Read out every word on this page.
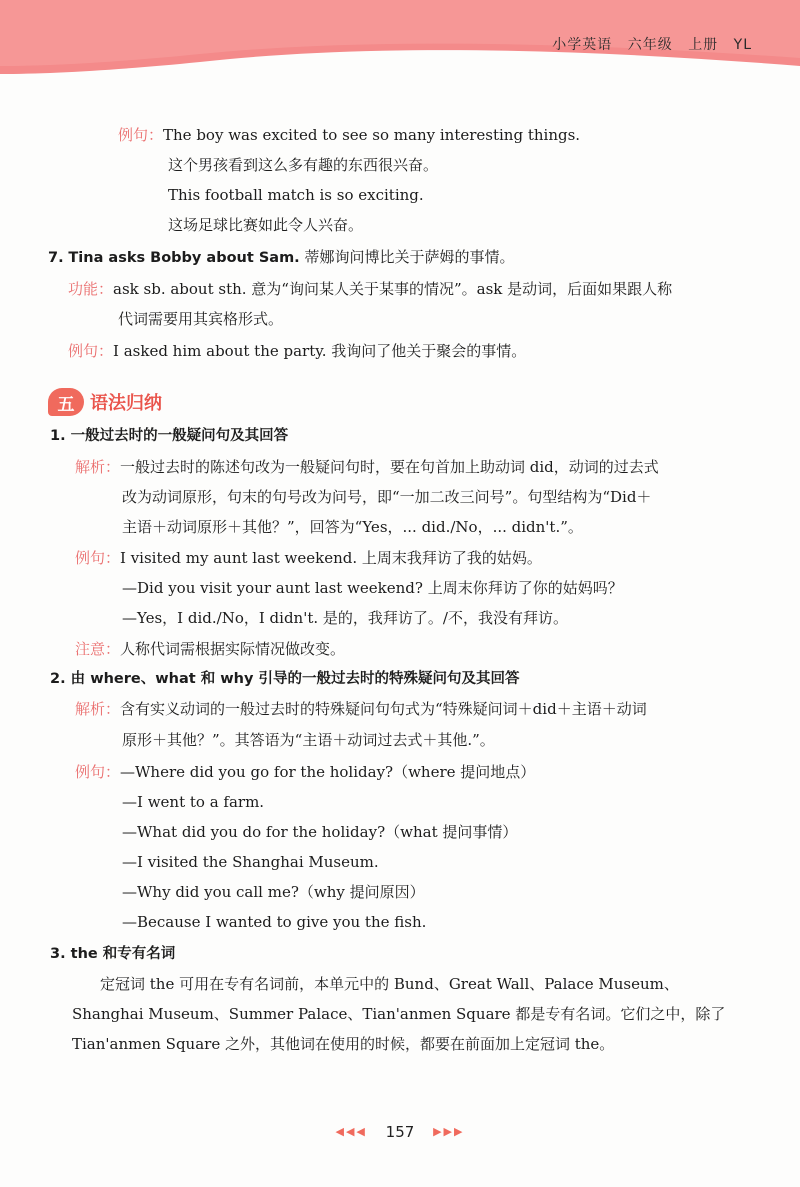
小学英语 六年级 上册 YL
例句：The boy was excited to see so many interesting things.
这个男孩看到这么多有趣的东西很兴奋。
This football match is so exciting.
这场足球比赛如此令人兴奋。
7. Tina asks Bobby about Sam. 蒂娜询问博比关于萨姆的事情。
功能：ask sb. about sth. 意为“询问某人关于某事的情况”。ask 是动词，后面如果跟人称
代词需要用其宾格形式。
例句：I asked him about the party. 我询问了他关于聚会的事情。
五 语法归纳
1. 一般过去时的一般疑问句及其回答
解析：一般过去时的陈述句改为一般疑问句时，要在句首加上助动词 did，动词的过去式
改为动词原形，句末的句号改为问号，即“一加二改三问号”。句型结构为“Did＋
主语＋动词原形＋其他？”，回答为“Yes，... did./No，... didn't.”。
例句：I visited my aunt last weekend. 上周末我拜访了我的姑妈。
—Did you visit your aunt last weekend? 上周末你拜访了你的姑妈吗？
—Yes，I did./No，I didn't. 是的，我拜访了。/不，我没有拜访。
注意：人称代词需根据实际情况做改变。
2. 由 where、what 和 why 引导的一般过去时的特殊疑问句及其回答
解析：含有实义动词的一般过去时的特殊疑问句句式为“特殊疑问词＋did＋主语＋动词
原形＋其他？”。其答语为“主语＋动词过去式＋其他.”。
例句：—Where did you go for the holiday?（where 提问地点）
—I went to a farm.
—What did you do for the holiday?（what 提问事情）
—I visited the Shanghai Museum.
—Why did you call me?（why 提问原因）
—Because I wanted to give you the fish.
3. the 和专有名词
定冠词 the 可用在专有名词前，本单元中的 Bund、Great Wall、Palace Museum、
Shanghai Museum、Summer Palace、Tian'anmen Square 都是专有名词。它们之中，除了
Tian'anmen Square 之外，其他词在使用的时候，都要在前面加上定冠词 the。
◀◀◀ 157 ▶▶▶
